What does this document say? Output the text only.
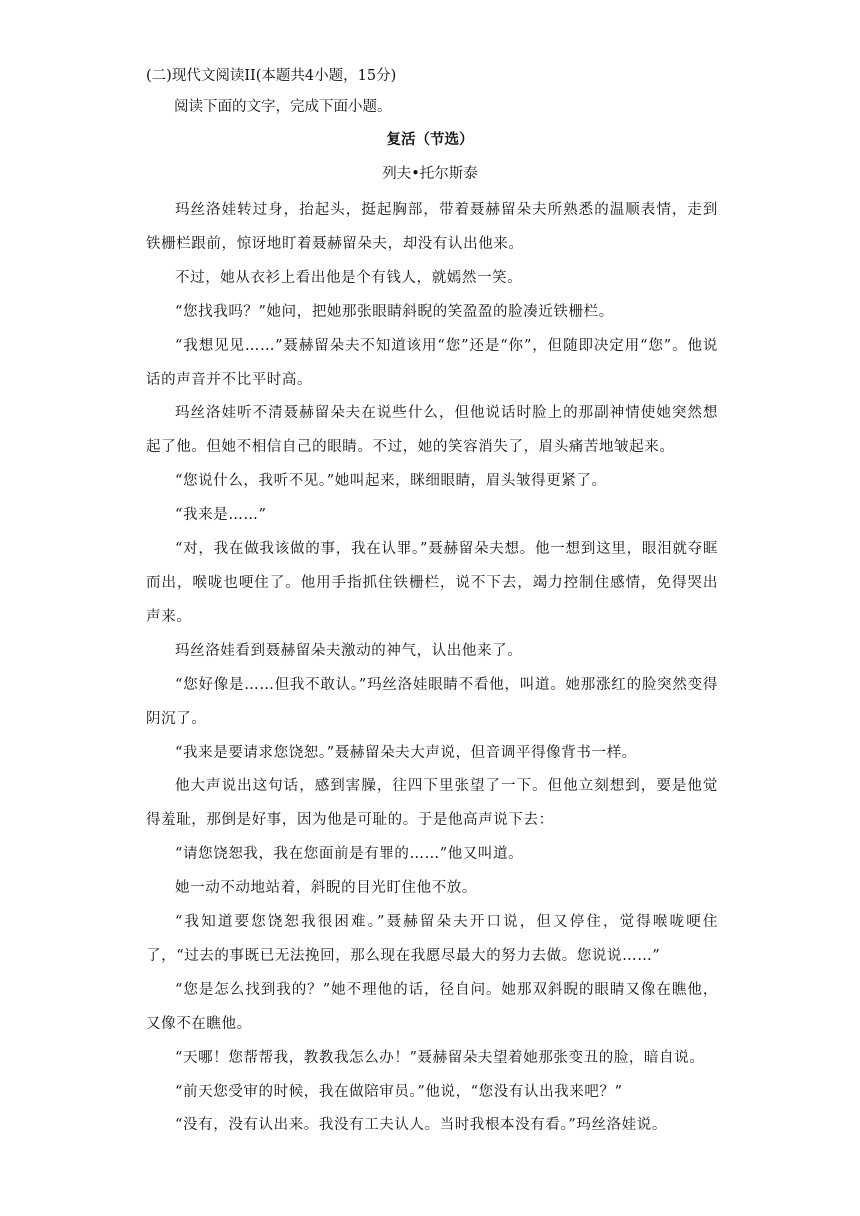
(二)现代文阅读II(本题共4小题，15分)
阅读下面的文字，完成下面小题。
复活（节选）
列夫•托尔斯泰

玛丝洛娃转过身，抬起头，挺起胸部，带着聂赫留朵夫所熟悉的温顺表情，走到铁栅栏跟前，惊讶地盯着聂赫留朵夫，却没有认出他来。

不过，她从衣衫上看出他是个有钱人，就嫣然一笑。

“您找我吗？”她问，把她那张眼睛斜睨的笑盈盈的脸凑近铁栅栏。

“我想见见……”聂赫留朵夫不知道该用“您”还是“你”，但随即决定用“您”。他说话的声音并不比平时高。

玛丝洛娃听不清聂赫留朵夫在说些什么，但他说话时脸上的那副神情使她突然想起了他。但她不相信自己的眼睛。不过，她的笑容消失了，眉头痛苦地皱起来。

“您说什么，我听不见。”她叫起来，眯细眼睛，眉头皱得更紧了。

“我来是……”

“对，我在做我该做的事，我在认罪。”聂赫留朵夫想。他一想到这里，眼泪就夺眶而出，喉咙也哽住了。他用手指抓住铁栅栏，说不下去，竭力控制住感情，免得哭出声来。

玛丝洛娃看到聂赫留朵夫激动的神气，认出他来了。

“您好像是……但我不敢认。”玛丝洛娃眼睛不看他，叫道。她那涨红的脸突然变得阴沉了。

“我来是要请求您饶恕。”聂赫留朵夫大声说，但音调平得像背书一样。

他大声说出这句话，感到害臊，往四下里张望了一下。但他立刻想到，要是他觉得羞耻，那倒是好事，因为他是可耻的。于是他高声说下去：

“请您饶恕我，我在您面前是有罪的……”他又叫道。

她一动不动地站着，斜睨的目光盯住他不放。

“我知道要您饶恕我很困难。”聂赫留朵夫开口说，但又停住，觉得喉咙哽住了，“过去的事既已无法挽回，那么现在我愿尽最大的努力去做。您说说……”

“您是怎么找到我的？”她不理他的话，径自问。她那双斜睨的眼睛又像在瞧他，又像不在瞧他。

“天哪！您帮帮我，教教我怎么办！”聂赫留朵夫望着她那张变丑的脸，暗自说。

“前天您受审的时候，我在做陪审员。”他说，“您没有认出我来吧？”

“没有，没有认出来。我没有工夫认人。当时我根本没有看。”玛丝洛娃说。
